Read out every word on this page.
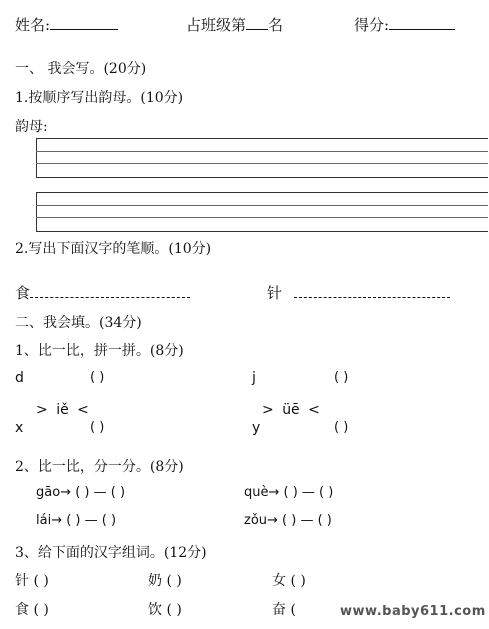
姓名:	占班级第 名	得分:
一、 我会写。(20分)
1.按顺序写出韵母。(10分)
韵母:
2.写出下面汉字的笔顺。(10分)
食	针
二、我会填。(34分)
1、比一比，拼一拼。(8分)
d	( )	j	( )
> iě <	> üē <
x	( )	y	( )
2、比一比，分一分。(8分)
gāo→ ( ) — ( )	què→ ( ) — ( )
lái→ ( ) — ( )	zǒu→ ( ) — ( )
3、给下面的汉字组词。(12分)
针 ( )	奶 ( )	女 ( )
食 ( )	饮 ( )	奋 (	www.baby611.com
